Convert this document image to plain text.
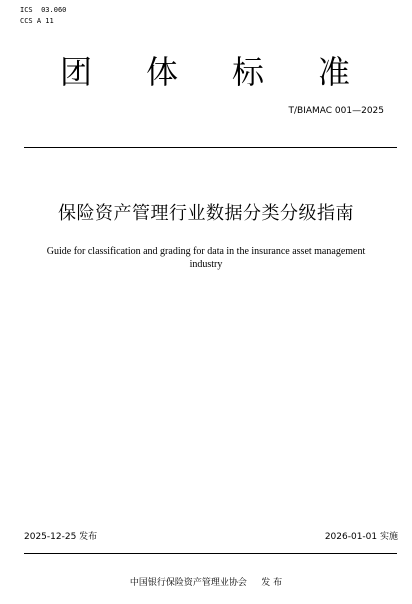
ICS 03.060
CCS A 11
团 体 标 准
T/BIAMAC 001—2025
保险资产管理行业数据分类分级指南
Guide for classification and grading for data in the insurance asset management industry
2025-12-25 发布	2026-01-01 实施
中国银行保险资产管理业协会 发 布
